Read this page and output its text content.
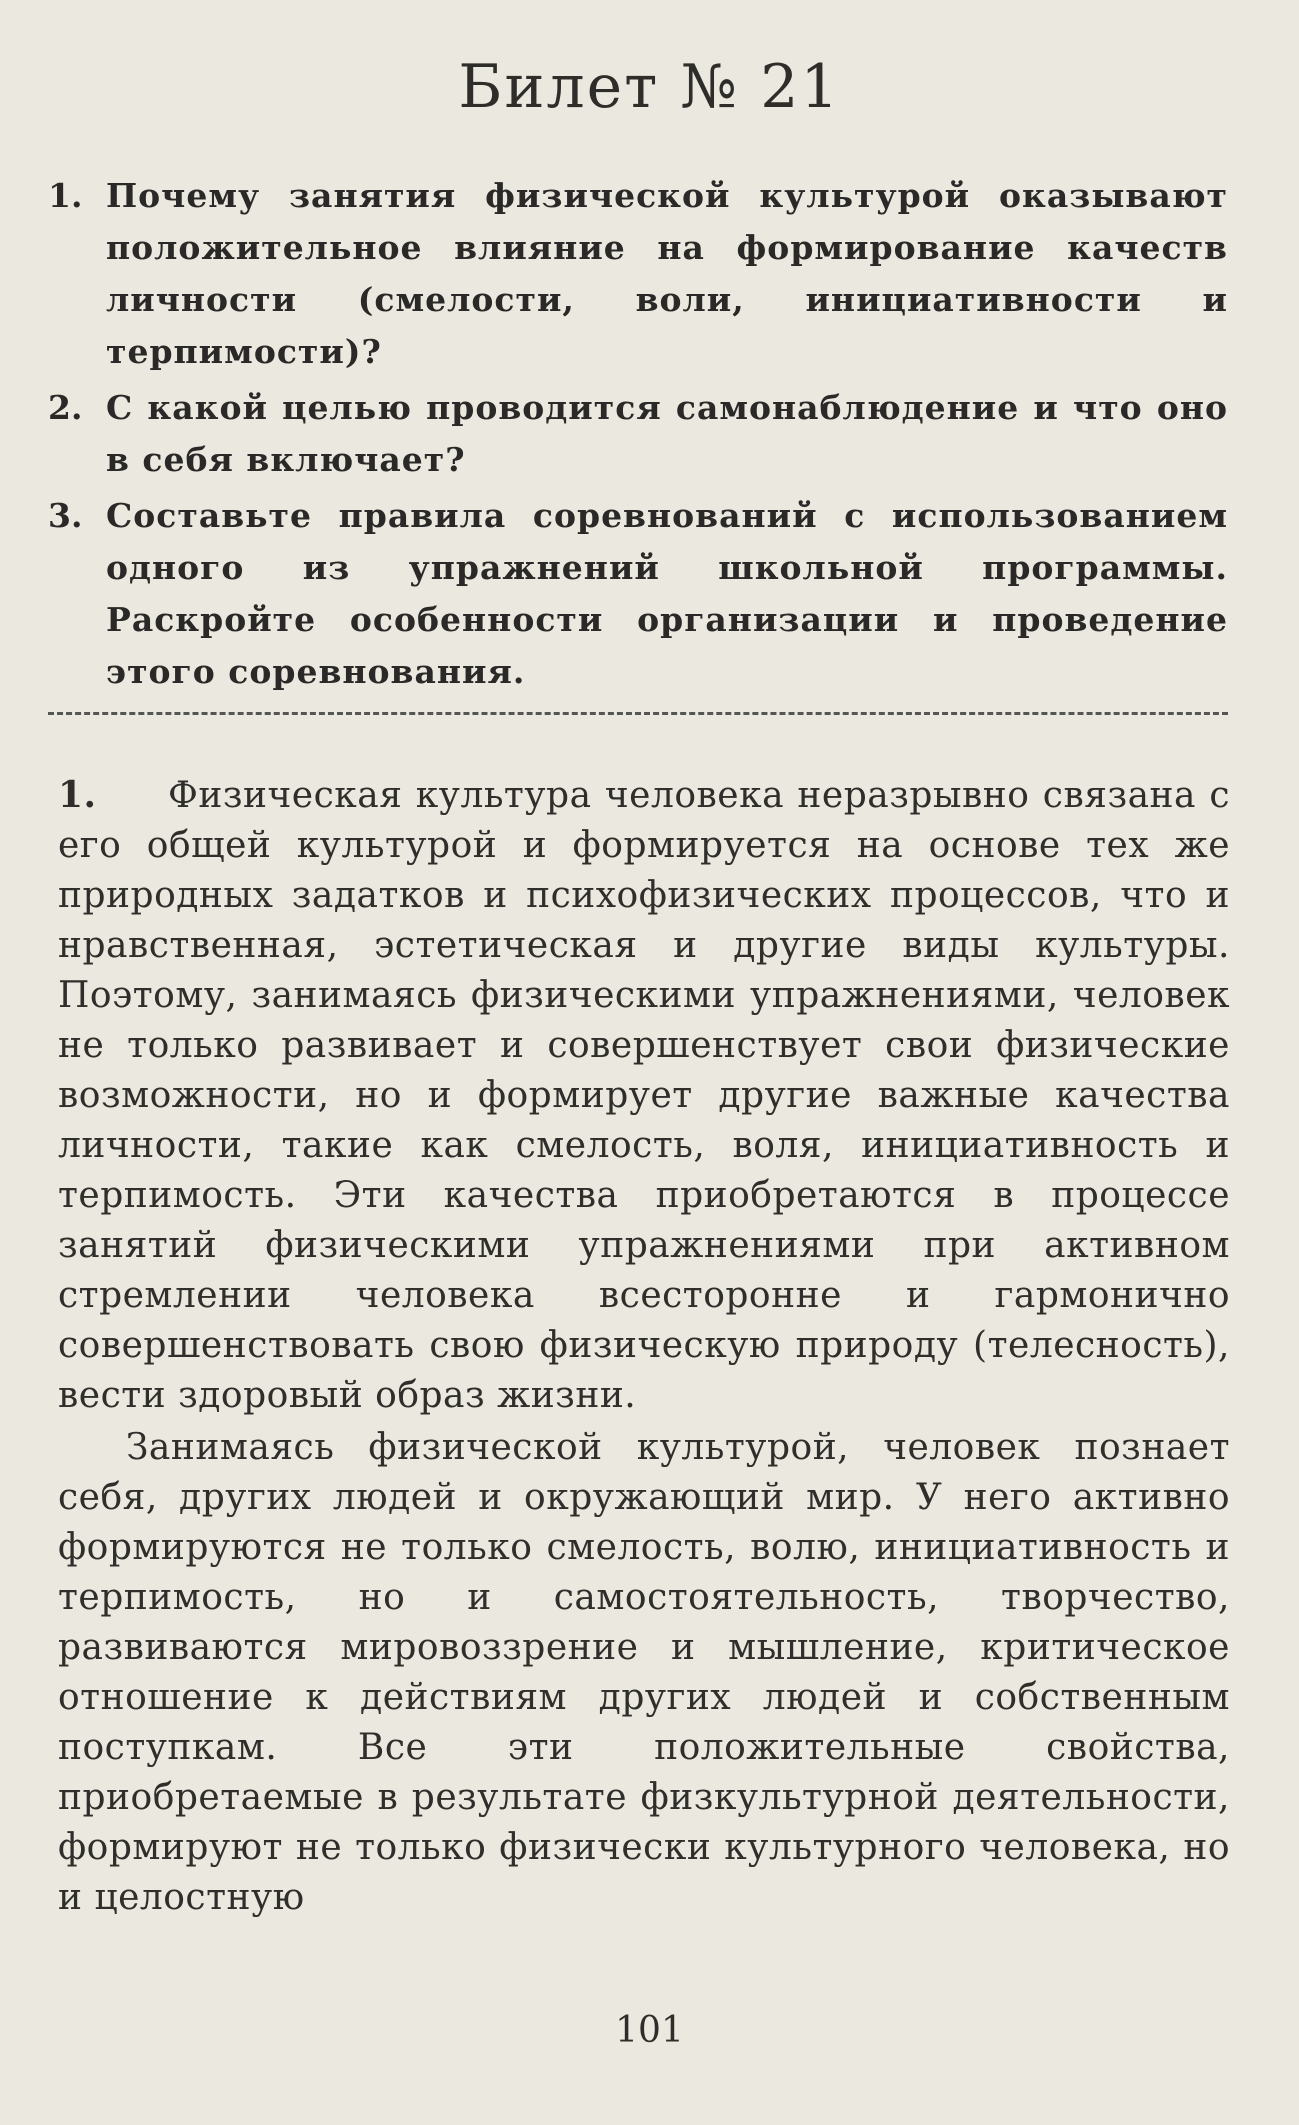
Билет № 21
1. Почему занятия физической культурой оказывают положительное влияние на формирование качеств личности (смелости, воли, инициативности и терпимости)?
2. С какой целью проводится самонаблюдение и что оно в себя включает?
3. Составьте правила соревнований с использованием одного из упражнений школьной программы. Раскройте особенности организации и проведение этого соревнования.

1. Физическая культура человека неразрывно связана с его общей культурой и формируется на основе тех же природных задатков и психофизических процессов, что и нравственная, эстетическая и другие виды культуры. Поэтому, занимаясь физическими упражнениями, человек не только развивает и совершенствует свои физические возможности, но и формирует другие важные качества личности, такие как смелость, воля, инициативность и терпимость. Эти качества приобретаются в процессе занятий физическими упражнениями при активном стремлении человека всесторонне и гармонично совершенствовать свою физическую природу (телесность), вести здоровый образ жизни.

Занимаясь физической культурой, человек познает себя, других людей и окружающий мир. У него активно формируются не только смелость, волю, инициативность и терпимость, но и самостоятельность, творчество, развиваются мировоззрение и мышление, критическое отношение к действиям других людей и собственным поступкам. Все эти положительные свойства, приобретаемые в результате физкультурной деятельности, формируют не только физически культурного человека, но и целостную

101
